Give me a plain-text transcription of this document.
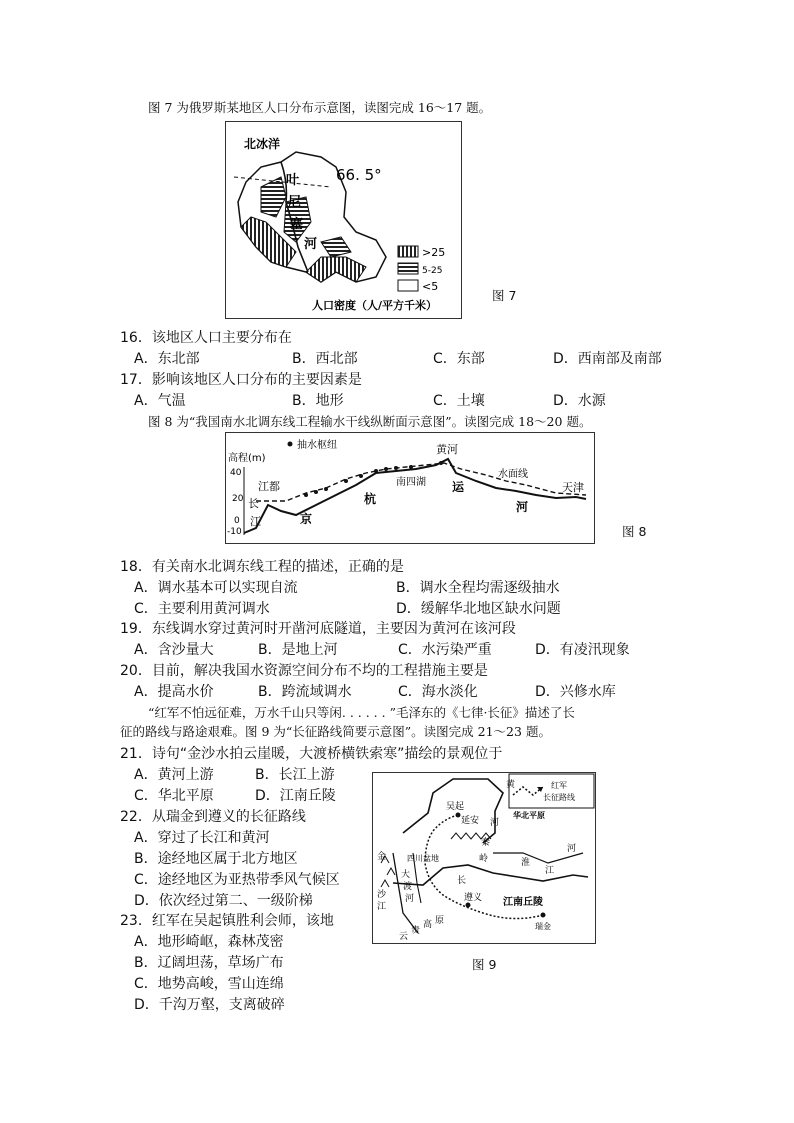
图 7 为俄罗斯某地区人口分布示意图，读图完成 16～17 题。
北冰洋
66. 5°
叶
尼
塞
河
>25
5-25
<5
人口密度（人/平方千米）
图 7
16．该地区人口主要分布在
A．东北部	B．西北部	C．东部	D．西南部及南部
17．影响该地区人口分布的主要因素是
A．气温	B．地形	C．土壤	D．水源
图 8 为“我国南水北调东线工程输水干线纵断面示意图”。读图完成 18～20 题。
抽水枢纽
高程(m)
40
20
0
-10
江都
长
江	京
杭
南四湖
黄河
运
水面线
河
天津
图 8
18．有关南水北调东线工程的描述，正确的是
A．调水基本可以实现自流	B．调水全程均需逐级抽水
C．主要利用黄河调水	D．缓解华北地区缺水问题
19．东线调水穿过黄河时开凿河底隧道，主要因为黄河在该河段
A．含沙量大	B．是地上河	C．水污染严重	D．有凌汛现象
20．目前，解决我国水资源空间分布不均的工程措施主要是
A．提高水价	B．跨流域调水	C．海水淡化	D．兴修水库
“红军不怕远征难，万水千山只等闲. . . . . . ”毛泽东的《七律·长征》描述了长
征的路线与路途艰难。图 9 为“长征路线简要示意图”。读图完成 21～23 题。
21．诗句“金沙水拍云崖暖，大渡桥横铁索寒”描绘的景观位于
A．黄河上游	B．长江上游
C．华北平原	D．江南丘陵
22．从瑞金到遵义的长征路线
A．穿过了长江和黄河
B．途经地区属于北方地区
C．途经地区为亚热带季风气候区
D．依次经过第二、一级阶梯
23．红军在吴起镇胜利会师，该地
A．地形崎岖，森林茂密
B．辽阔坦荡，草场广布
C．地势高峻，雪山连绵
D．千沟万壑，支离破碎
红军
长征路线
吴起
延安
黄
河
华北平原
秦
岭	淮
河
长
江
遵义
瑞金
江南丘陵
云
贵
高 原
四川盆地
大
渡
河
金
沙
江
图 9
